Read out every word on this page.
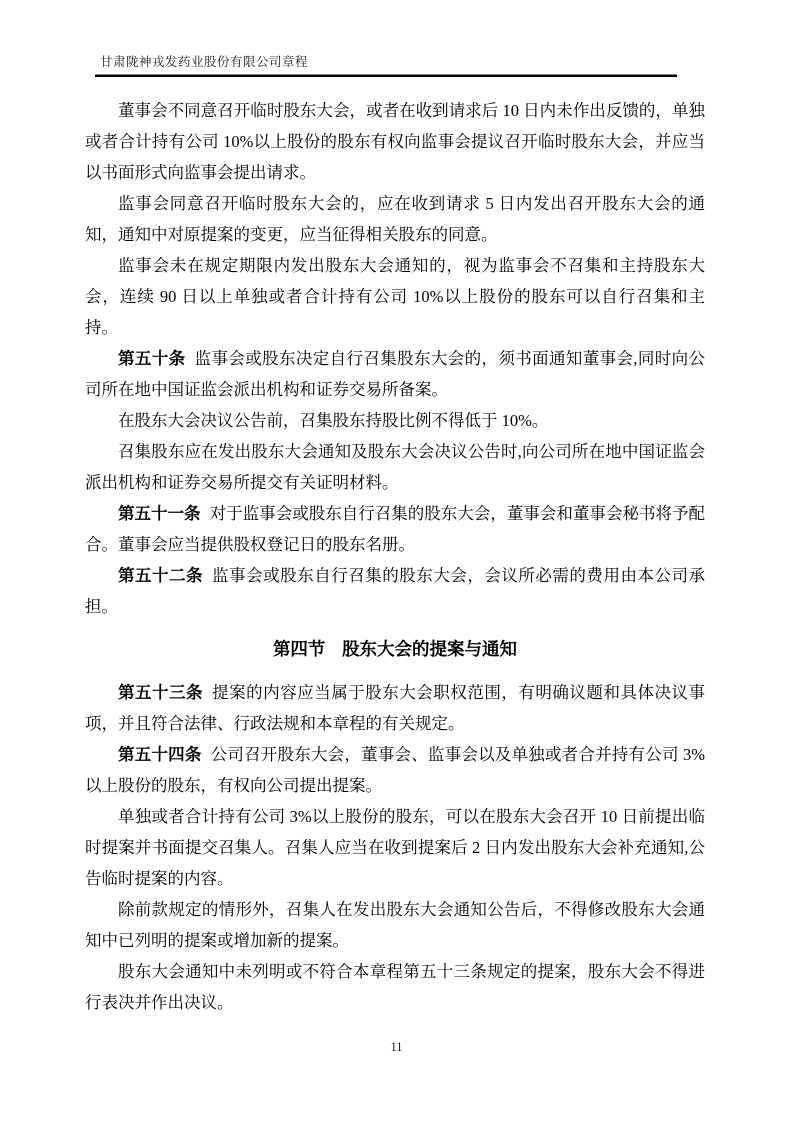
甘肃陇神戎发药业股份有限公司章程

董事会不同意召开临时股东大会，或者在收到请求后 10 日内未作出反馈的，单独或者合计持有公司 10%以上股份的股东有权向监事会提议召开临时股东大会，并应当以书面形式向监事会提出请求。

监事会同意召开临时股东大会的，应在收到请求 5 日内发出召开股东大会的通知，通知中对原提案的变更，应当征得相关股东的同意。

监事会未在规定期限内发出股东大会通知的，视为监事会不召集和主持股东大会，连续 90 日以上单独或者合计持有公司 10%以上股份的股东可以自行召集和主持。

第五十条 监事会或股东决定自行召集股东大会的，须书面通知董事会,同时向公司所在地中国证监会派出机构和证券交易所备案。

在股东大会决议公告前，召集股东持股比例不得低于 10%。

召集股东应在发出股东大会通知及股东大会决议公告时,向公司所在地中国证监会派出机构和证券交易所提交有关证明材料。

第五十一条 对于监事会或股东自行召集的股东大会，董事会和董事会秘书将予配合。董事会应当提供股权登记日的股东名册。

第五十二条 监事会或股东自行召集的股东大会，会议所必需的费用由本公司承担。

第四节 股东大会的提案与通知

第五十三条 提案的内容应当属于股东大会职权范围，有明确议题和具体决议事项，并且符合法律、行政法规和本章程的有关规定。

第五十四条 公司召开股东大会，董事会、监事会以及单独或者合并持有公司 3%以上股份的股东，有权向公司提出提案。

单独或者合计持有公司 3%以上股份的股东，可以在股东大会召开 10 日前提出临时提案并书面提交召集人。召集人应当在收到提案后 2 日内发出股东大会补充通知,公告临时提案的内容。

除前款规定的情形外，召集人在发出股东大会通知公告后，不得修改股东大会通知中已列明的提案或增加新的提案。

股东大会通知中未列明或不符合本章程第五十三条规定的提案，股东大会不得进行表决并作出决议。

11
